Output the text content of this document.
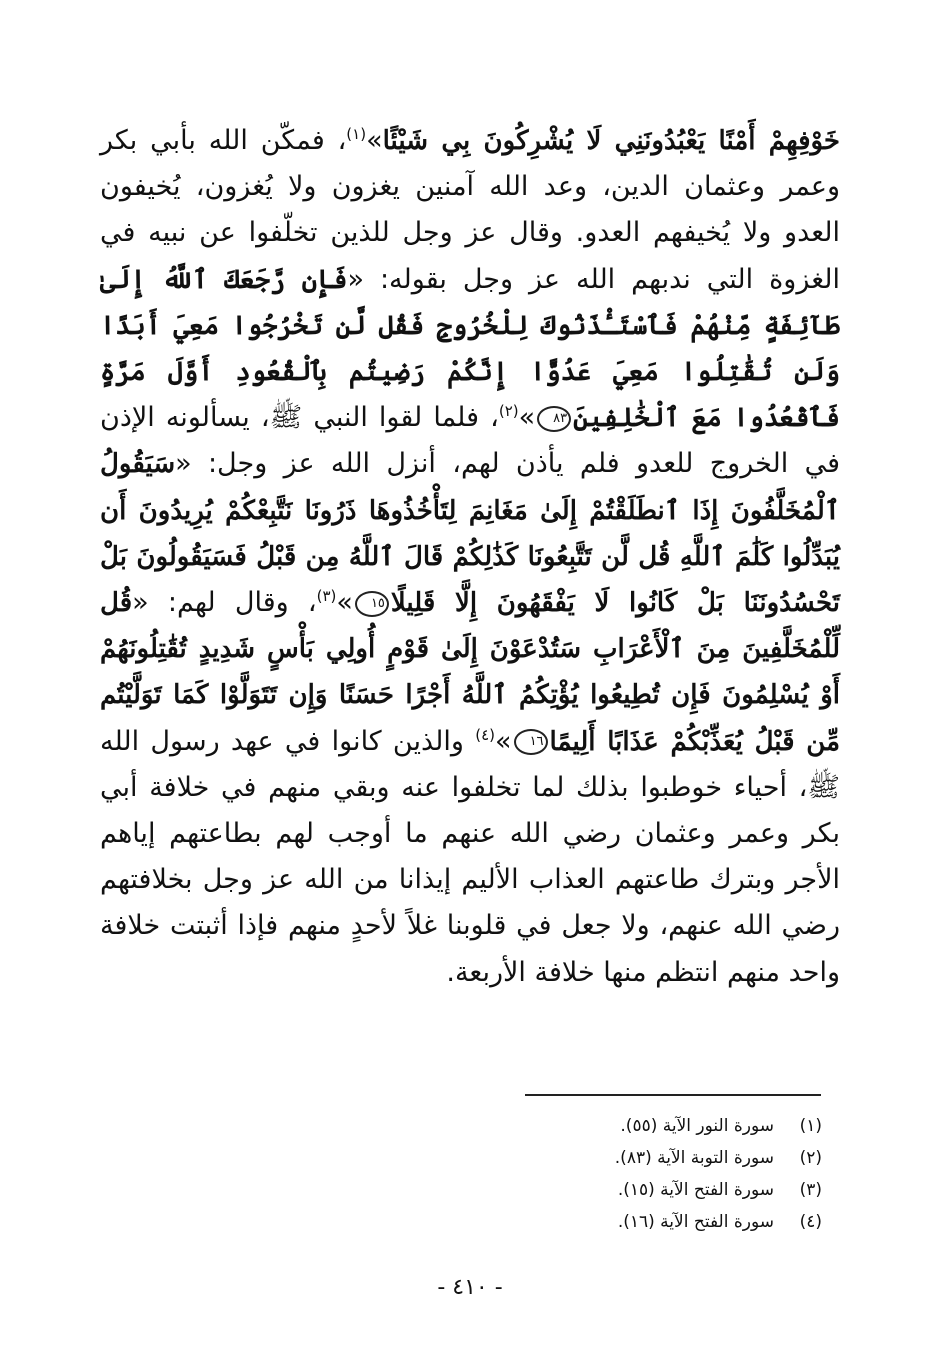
خَوْفِهِمْ أَمْنًا يَعْبُدُونَنِي لَا يُشْرِكُونَ بِي شَيْئًا»$^{(١)}$، فمكّن الله بأبي بكر وعمر وعثمان الدين، وعد الله آمنين يغزون ولا يُغزون، يُخيفون العدو ولا يُخيفهم العدو. وقال عز وجل للذين تخلّفوا عن نبيه في الغزوة التي ندبهم الله عز وجل بقوله: «فَإِن رَّجَعَكَ ٱللَّهُ إِلَىٰ طَآئِفَةٍ مِّنْهُمْ فَٱسْتَـْٔذَنُوكَ لِلْخُرُوجِ فَقُل لَّن تَخْرُجُوا مَعِيَ أَبَدًا وَلَن تُقَٰتِلُوا مَعِيَ عَدُوًّا إِنَّكُمْ رَضِيتُم بِٱلْقُعُودِ أَوَّلَ مَرَّةٍ فَٱقْعُدُوا مَعَ ٱلْخَٰلِفِينَ٨٣»$^{(٢)}$، فلما لقوا النبي ﷺ، يسألونه الإذن في الخروج للعدو فلم يأذن لهم، أنزل الله عز وجل: «سَيَقُولُ ٱلْمُخَلَّفُونَ إِذَا ٱنطَلَقْتُمْ إِلَىٰ مَغَانِمَ لِتَأْخُذُوهَا ذَرُونَا نَتَّبِعْكُمْ يُرِيدُونَ أَن يُبَدِّلُوا كَلَٰمَ ٱللَّهِ قُل لَّن تَتَّبِعُونَا كَذَٰلِكُمْ قَالَ ٱللَّهُ مِن قَبْلُ فَسَيَقُولُونَ بَلْ تَحْسُدُونَنَا بَلْ كَانُوا لَا يَفْقَهُونَ إِلَّا قَلِيلًا١٥»$^{(٣)}$، وقال لهم: «قُل لِّلْمُخَلَّفِينَ مِنَ ٱلْأَعْرَابِ سَتُدْعَوْنَ إِلَىٰ قَوْمٍ أُولِي بَأْسٍ شَدِيدٍ تُقَٰتِلُونَهُمْ أَوْ يُسْلِمُونَ فَإِن تُطِيعُوا يُؤْتِكُمُ ٱللَّهُ أَجْرًا حَسَنًا وَإِن تَتَوَلَّوْا كَمَا تَوَلَّيْتُم مِّن قَبْلُ يُعَذِّبْكُمْ عَذَابًا أَلِيمًا١٦»$^{(٤)}$ والذين كانوا في عهد رسول الله ﷺ، أحياء خوطبوا بذلك لما تخلفوا عنه وبقي منهم في خلافة أبي بكر وعمر وعثمان رضي الله عنهم ما أوجب لهم بطاعتهم إياهم الأجر وبترك طاعتهم العذاب الأليم إيذانا من الله عز وجل بخلافتهم رضي الله عنهم، ولا جعل في قلوبنا غلاً لأحدٍ منهم فإذا أثبتت خلافة واحد منهم انتظم منها خلافة الأربعة.

(١)
سورة النور الآية (٥٥).
(٢)
سورة التوبة الآية (٨٣).
(٣)
سورة الفتح الآية (١٥).
(٤)
سورة الفتح الآية (١٦).
- ٤١٠ -
